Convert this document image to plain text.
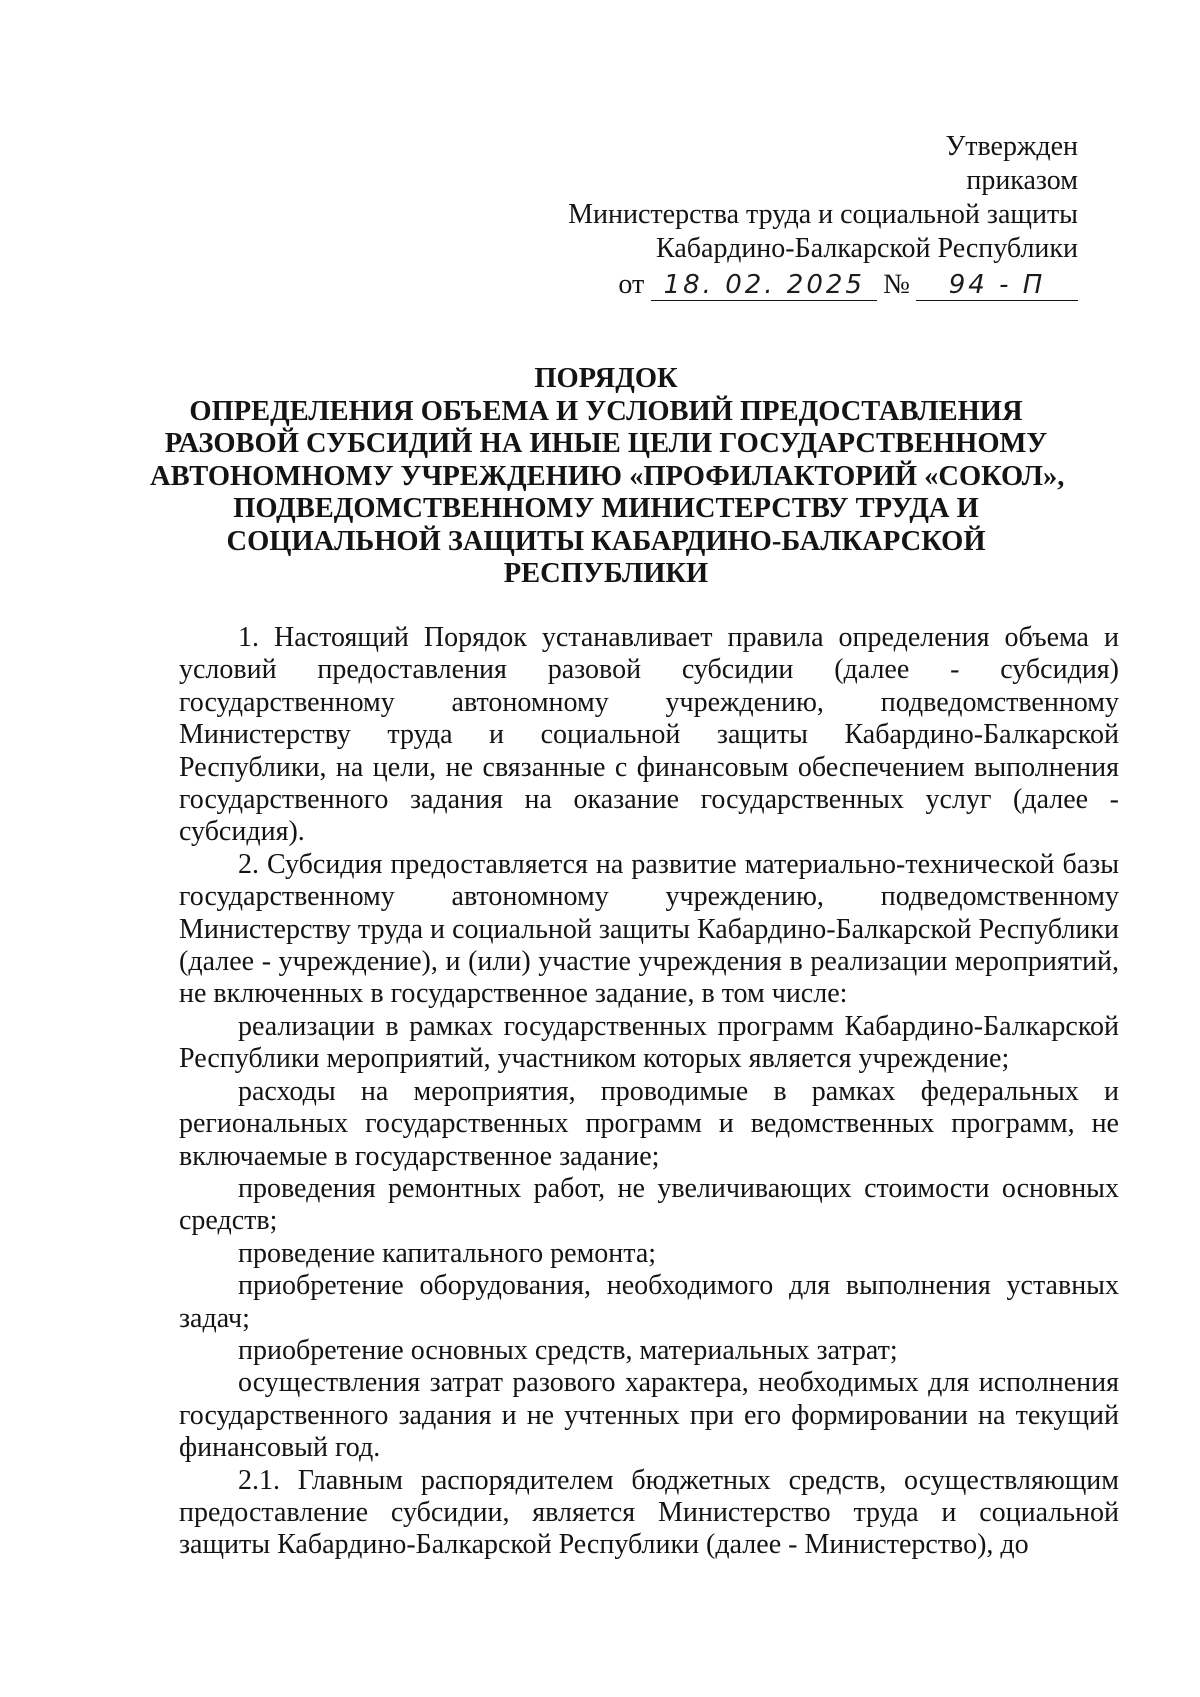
Утвержден
приказом
Министерства труда и социальной защиты
Кабардино-Балкарской Республики
от 18. 02. 2025 № 94 - П
ПОРЯДОК
ОПРЕДЕЛЕНИЯ ОБЪЕМА И УСЛОВИЙ ПРЕДОСТАВЛЕНИЯ
РАЗОВОЙ СУБСИДИЙ НА ИНЫЕ ЦЕЛИ ГОСУДАРСТВЕННОМУ
АВТОНОМНОМУ УЧРЕЖДЕНИЮ «ПРОФИЛАКТОРИЙ «СОКОЛ»,
ПОДВЕДОМСТВЕННОМУ МИНИСТЕРСТВУ ТРУДА И
СОЦИАЛЬНОЙ ЗАЩИТЫ КАБАРДИНО-БАЛКАРСКОЙ
РЕСПУБЛИКИ

1. Настоящий Порядок устанавливает правила определения объема и условий предоставления разовой субсидии (далее - субсидия) государственному автономному учреждению, подведомственному Министерству труда и социальной защиты Кабардино-Балкарской Республики, на цели, не связанные с финансовым обеспечением выполнения государственного задания на оказание государственных услуг (далее - субсидия).

2. Субсидия предоставляется на развитие материально-технической базы государственному автономному учреждению, подведомственному Министерству труда и социальной защиты Кабардино-Балкарской Республики (далее - учреждение), и (или) участие учреждения в реализации мероприятий, не включенных в государственное задание, в том числе:

реализации в рамках государственных программ Кабардино-Балкарской Республики мероприятий, участником которых является учреждение;

расходы на мероприятия, проводимые в рамках федеральных и региональных государственных программ и ведомственных программ, не включаемые в государственное задание;

проведения ремонтных работ, не увеличивающих стоимости основных средств;

проведение капитального ремонта;

приобретение оборудования, необходимого для выполнения уставных задач;

приобретение основных средств, материальных затрат;

осуществления затрат разового характера, необходимых для исполнения государственного задания и не учтенных при его формировании на текущий финансовый год.

2.1. Главным распорядителем бюджетных средств, осуществляющим предоставление субсидии, является Министерство труда и социальной защиты Кабардино-Балкарской Республики (далее - Министерство), до
